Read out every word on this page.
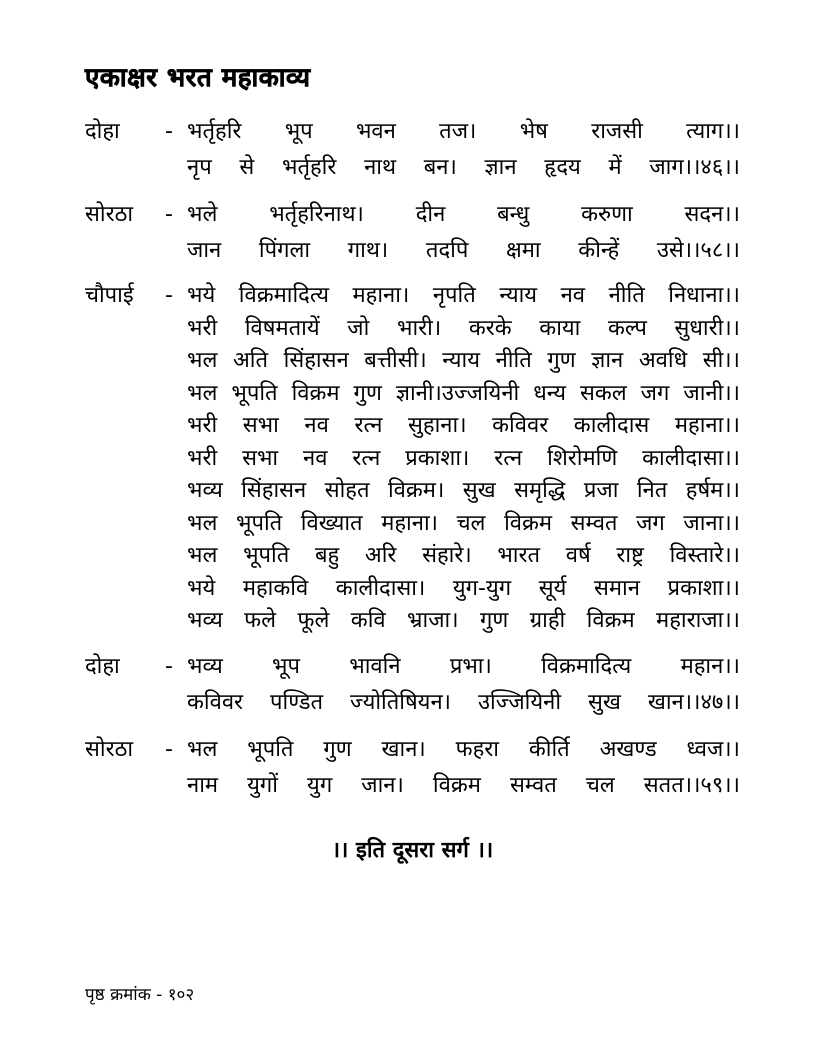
एकाक्षर भरत महाकाव्य
दोहा	- भर्तृहरि भूप भवन तज। भेष राजसी त्याग।।
नृप से भर्तृहरि नाथ बन। ज्ञान हृदय में जाग।।४६।।
सोरठा	- भले भर्तृहरिनाथ। दीन बन्धु करुणा सदन।।
जान पिंगला गाथ। तदपि क्षमा कीन्हें उसे।।५८।।
चौपाई	- भये विक्रमादित्य महाना। नृपति न्याय नव नीति निधाना।।
भरी विषमतायें जो भारी। करके काया कल्प सुधारी।।
भल अति सिंहासन बत्तीसी। न्याय नीति गुण ज्ञान अवधि सी।।
भल भूपति विक्रम गुण ज्ञानी।उज्जयिनी धन्य सकल जग जानी।।
भरी सभा नव रत्न सुहाना। कविवर कालीदास महाना।।
भरी सभा नव रत्न प्रकाशा। रत्न शिरोमणि कालीदासा।।
भव्य सिंहासन सोहत विक्रम। सुख समृद्धि प्रजा नित हर्षम।।
भल भूपति विख्यात महाना। चल विक्रम सम्वत जग जाना।।
भल भूपति बहु अरि संहारे। भारत वर्ष राष्ट्र विस्तारे।।
भये महाकवि कालीदासा। युग-युग सूर्य समान प्रकाशा।।
भव्य फले फूले कवि भ्राजा। गुण ग्राही विक्रम महाराजा।।
दोहा	- भव्य भूप भावनि प्रभा। विक्रमादित्य महान।।
कविवर पण्डित ज्योतिषियन। उज्जियिनी सुख खान।।४७।।
सोरठा	- भल भूपति गुण खान। फहरा कीर्ति अखण्ड ध्वज।।
नाम युगों युग जान। विक्रम सम्वत चल सतत।।५९।।
।। इति दूसरा सर्ग ।।
पृष्ठ क्रमांक - १०२
